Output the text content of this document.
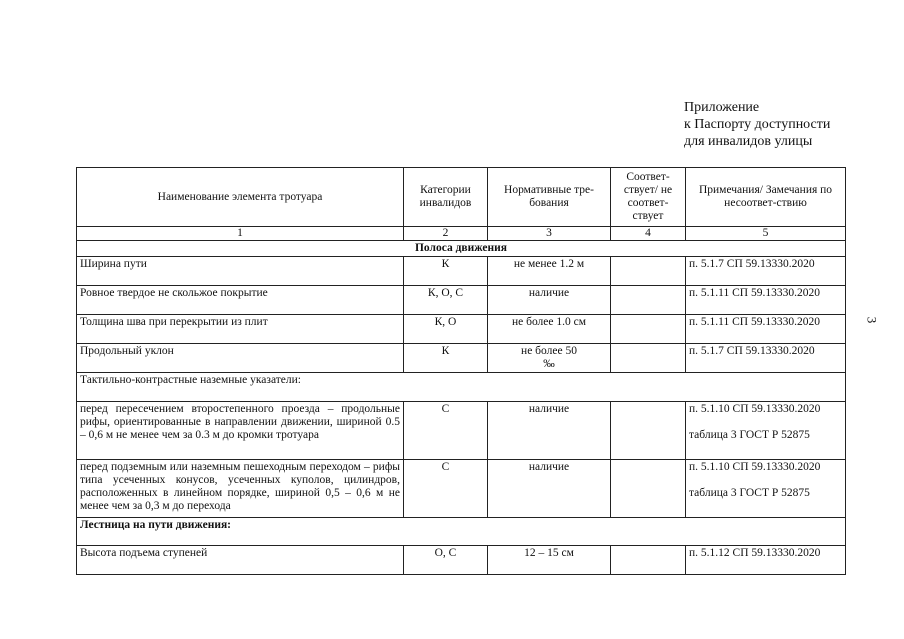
Приложение
к Паспорту доступности
для инвалидов улицы
3
Наименование элемента тротуара	Категории инвалидов	Нормативные тре-бования	Соответ-ствует/ не соответ-ствует	Примечания/ Замечания по несоответ-ствию
1	2	3	4	5
Полоса движения				
Ширина пути	К	не менее 1.2 м		п. 5.1.7 СП 59.13330.2020
Ровное твердое не скольжое покрытие	К, О, С	наличие		п. 5.1.11 СП 59.13330.2020
Толщина шва при перекрытии из плит	К, О	не более 1.0 см		п. 5.1.11 СП 59.13330.2020
Продольный уклон	К	не более 50 ‰		п. 5.1.7 СП 59.13330.2020
Тактильно-контрастные наземные указатели:				
перед пересечением второстепенного проезда – продольные рифы, ориентированные в направлении движении, шириной 0.5 – 0,6 м не менее чем за 0.3 м до кромки тротуара	С	наличие		п. 5.1.10 СП 59.13330.2020
таблица 3 ГОСТ Р 52875

перед подземным или наземным пешеходным переходом – рифы типа усеченных конусов, усеченных куполов, цилиндров, расположенных в линейном порядке, шириной 0,5 – 0,6 м не менее чем за 0,3 м до перехода	С	наличие		п. 5.1.10 СП 59.13330.2020
таблица 3 ГОСТ Р 52875

Лестница на пути движения:				
Высота подъема ступеней	О, С	12 – 15 см		п. 5.1.12 СП 59.13330.2020
